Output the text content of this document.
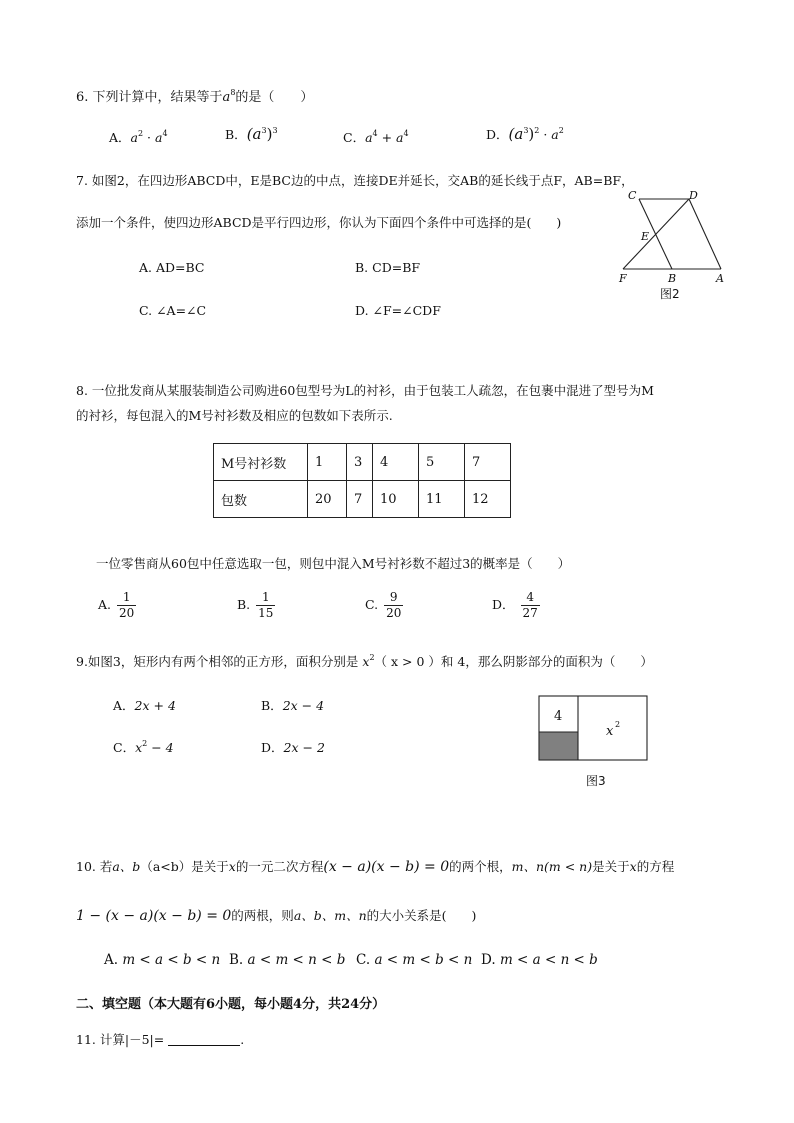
6. 下列计算中，结果等于$a^8$的是（　　）
A．$a^2 \cdot a^4$	B．$(a^3)^3$	C．$a^4 + a^4$	D．$(a^3)^2 \cdot a^2$
7. 如图2，在四边形ABCD中，E是BC边的中点，连接DE并延长，交AB的延长线于点F，AB=BF，
添加一个条件，使四边形ABCD是平行四边形，你认为下面四个条件中可选择的是(　　)
A. AD=BC	B. CD=BF
C. ∠A=∠C	D. ∠F=∠CDF
C	D
E
F	B	A
图2
8. 一位批发商从某服装制造公司购进60包型号为L的衬衫，由于包装工人疏忽，在包裹中混进了型号为M
的衬衫，每包混入的M号衬衫数及相应的包数如下表所示.
M号衬衫数	1	3	4	5	7
包数	20	7	10	11	12
一位零售商从60包中任意选取一包，则包中混入M号衬衫数不超过3的概率是（　　）
A. $\frac{1}{20}$	B. $\frac{1}{15}$	C. $\frac{9}{20}$	D． $\frac{4}{27}$
9.如图3，矩形内有两个相邻的正方形，面积分别是 $x^2$（ x > 0 ）和 4，那么阴影部分的面积为（　　）
A．2x + 4	B．2x − 4
C．$x^2 - 4$	D．2x − 2
4
x 2
图3
10. 若a、b（a<b）是关于x的一元二次方程(x − a)(x − b) = 0的两个根，m、n(m < n)是关于x的方程
1 − (x − a)(x − b) = 0的两根，则a、b、m、n的大小关系是(　　)
A. m < a < b < n B. a < m < n < b C. a < m < b < n D. m < a < n < b
二、填空题（本大题有6小题，每小题4分，共24分）
11. 计算|－5|=	.
